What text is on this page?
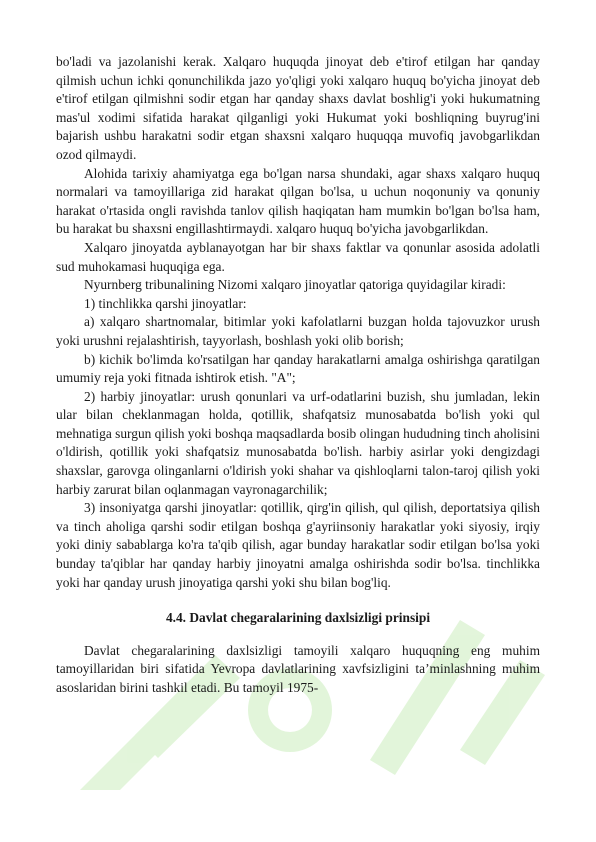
bo'ladi va jazolanishi kerak. Xalqaro huquqda jinoyat deb e'tirof etilgan har qanday qilmish uchun ichki qonunchilikda jazo yo'qligi yoki xalqaro huquq bo'yicha jinoyat deb e'tirof etilgan qilmishni sodir etgan har qanday shaxs davlat boshlig'i yoki hukumatning mas'ul xodimi sifatida harakat qilganligi yoki Hukumat yoki boshliqning buyrug'ini bajarish ushbu harakatni sodir etgan shaxsni xalqaro huquqqa muvofiq javobgarlikdan ozod qilmaydi.

Alohida tarixiy ahamiyatga ega bo'lgan narsa shundaki, agar shaxs xalqaro huquq normalari va tamoyillariga zid harakat qilgan bo'lsa, u uchun noqonuniy va qonuniy harakat o'rtasida ongli ravishda tanlov qilish haqiqatan ham mumkin bo'lgan bo'lsa ham, bu harakat bu shaxsni engillashtirmaydi. xalqaro huquq bo'yicha javobgarlikdan.

Xalqaro jinoyatda ayblanayotgan har bir shaxs faktlar va qonunlar asosida adolatli sud muhokamasi huquqiga ega.

Nyurnberg tribunalining Nizomi xalqaro jinoyatlar qatoriga quyidagilar kiradi:

1) tinchlikka qarshi jinoyatlar:

a) xalqaro shartnomalar, bitimlar yoki kafolatlarni buzgan holda tajovuzkor urush yoki urushni rejalashtirish, tayyorlash, boshlash yoki olib borish;

b) kichik bo'limda ko'rsatilgan har qanday harakatlarni amalga oshirishga qaratilgan umumiy reja yoki fitnada ishtirok etish. "A";

2) harbiy jinoyatlar: urush qonunlari va urf-odatlarini buzish, shu jumladan, lekin ular bilan cheklanmagan holda, qotillik, shafqatsiz munosabatda bo'lish yoki qul mehnatiga surgun qilish yoki boshqa maqsadlarda bosib olingan hududning tinch aholisini o'ldirish, qotillik yoki shafqatsiz munosabatda bo'lish. harbiy asirlar yoki dengizdagi shaxslar, garovga olinganlarni o'ldirish yoki shahar va qishloqlarni talon-taroj qilish yoki harbiy zarurat bilan oqlanmagan vayronagarchilik;

3) insoniyatga qarshi jinoyatlar: qotillik, qirg'in qilish, qul qilish, deportatsiya qilish va tinch aholiga qarshi sodir etilgan boshqa g'ayriinsoniy harakatlar yoki siyosiy, irqiy yoki diniy sabablarga ko'ra ta'qib qilish, agar bunday harakatlar sodir etilgan bo'lsa yoki bunday ta'qiblar har qanday harbiy jinoyatni amalga oshirishda sodir bo'lsa. tinchlikka yoki har qanday urush jinoyatiga qarshi yoki shu bilan bog'liq.

4.4. Davlat chegaralarining daxlsizligi prinsipi

Davlat chegaralarining daxlsizligi tamoyili xalqaro huquqning eng muhim tamoyillaridan biri sifatida Yevropa davlatlarining xavfsizligini ta’minlashning muhim asoslaridan birini tashkil etadi. Bu tamoyil 1975-
